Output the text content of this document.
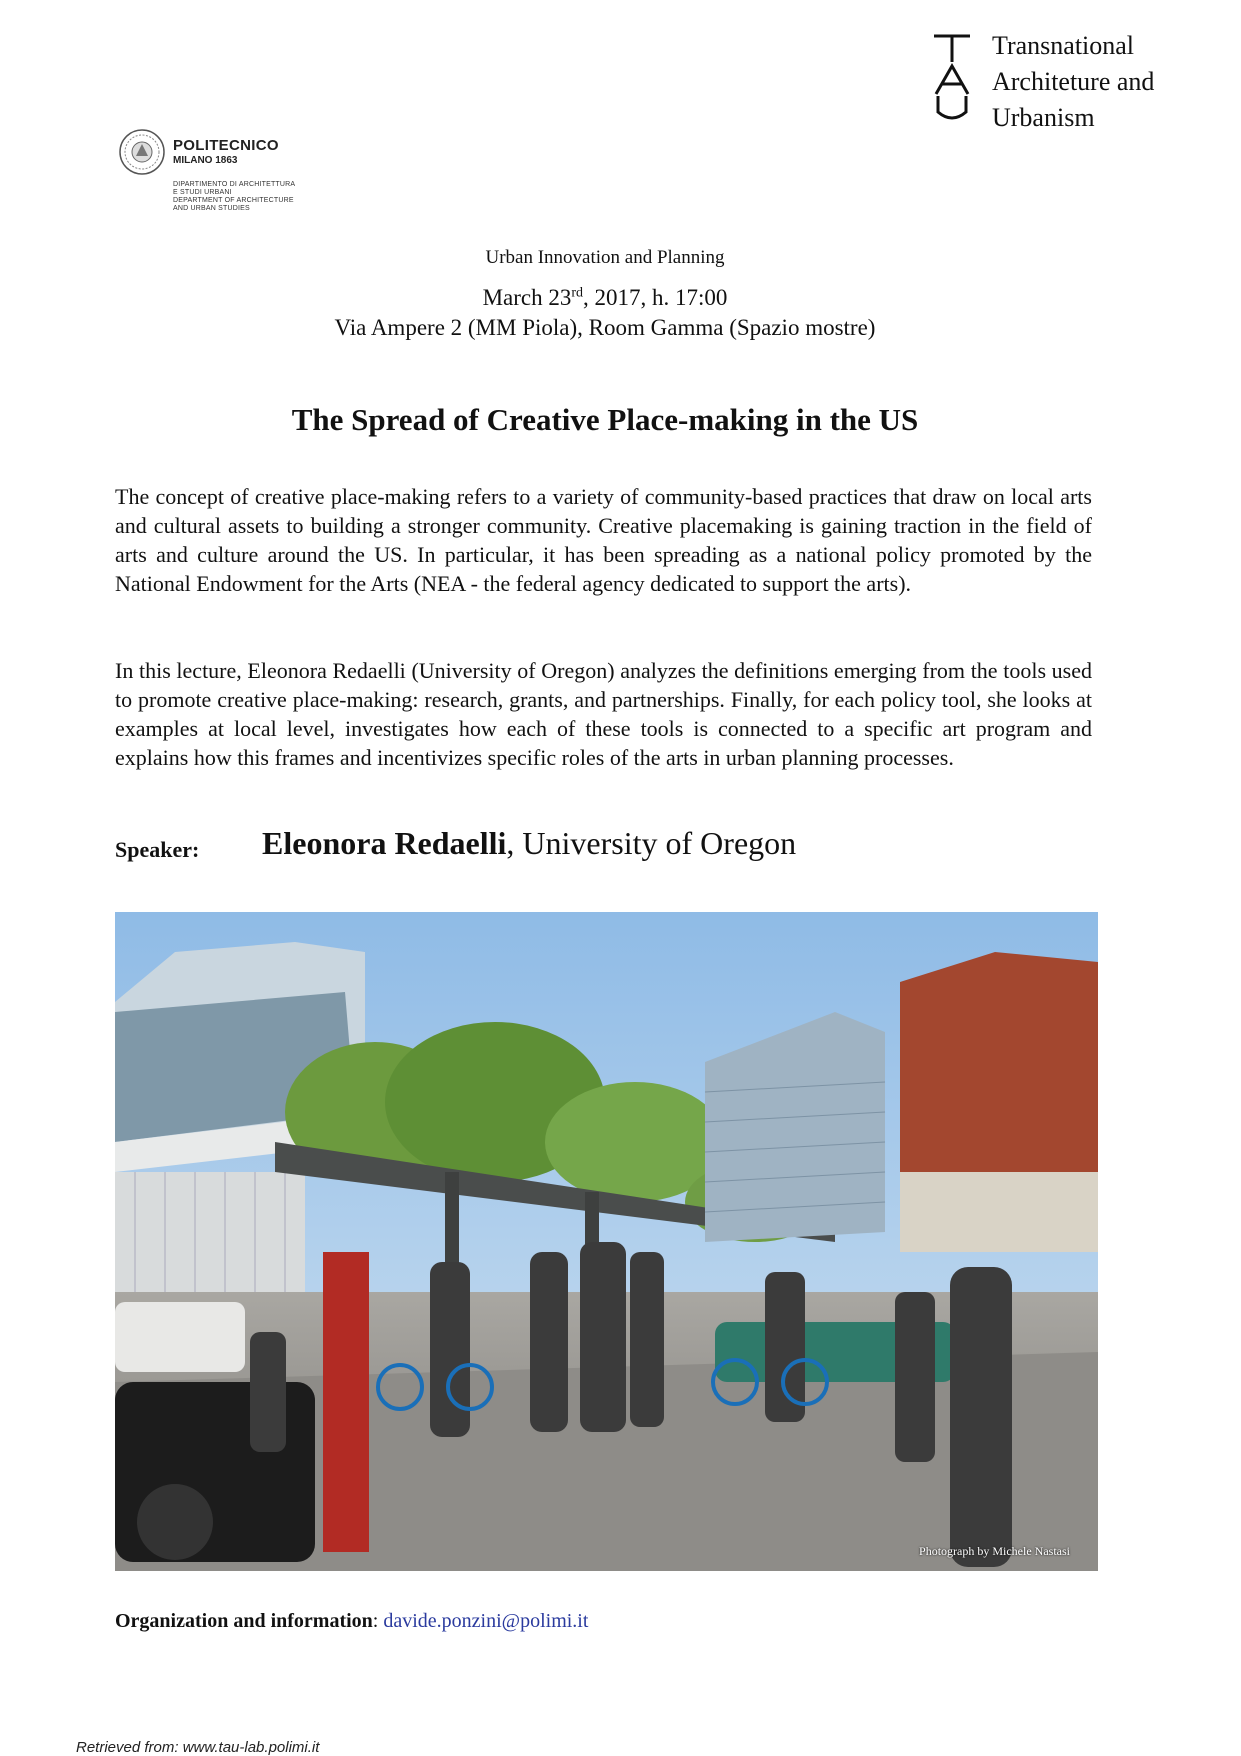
Transnational
Architeture and
Urbanism
POLITECNICO
MILANO 1863
DIPARTIMENTO DI ARCHITETTURA
E STUDI URBANI
DEPARTMENT OF ARCHITECTURE
AND URBAN STUDIES
Urban Innovation and Planning
March 23rd, 2017, h. 17:00
Via Ampere 2 (MM Piola), Room Gamma (Spazio mostre)
The Spread of Creative Place-making in the US
The concept of creative place-making refers to a variety of community-based practices that draw on local arts and cultural assets to building a stronger community. Creative placemaking is gaining traction in the field of arts and culture around the US. In particular, it has been spreading as a national policy promoted by the National Endowment for the Arts (NEA - the federal agency dedicated to support the arts).
In this lecture, Eleonora Redaelli (University of Oregon) analyzes the definitions emerging from the tools used to promote creative place-making: research, grants, and partnerships. Finally, for each policy tool, she looks at examples at local level, investigates how each of these tools is connected to a specific art program and explains how this frames and incentivizes specific roles of the arts in urban planning processes.
Speaker: Eleonora Redaelli, University of Oregon
Photograph by Michele Nastasi
Organization and information: davide.ponzini@polimi.it
Retrieved from: www.tau-lab.polimi.it
